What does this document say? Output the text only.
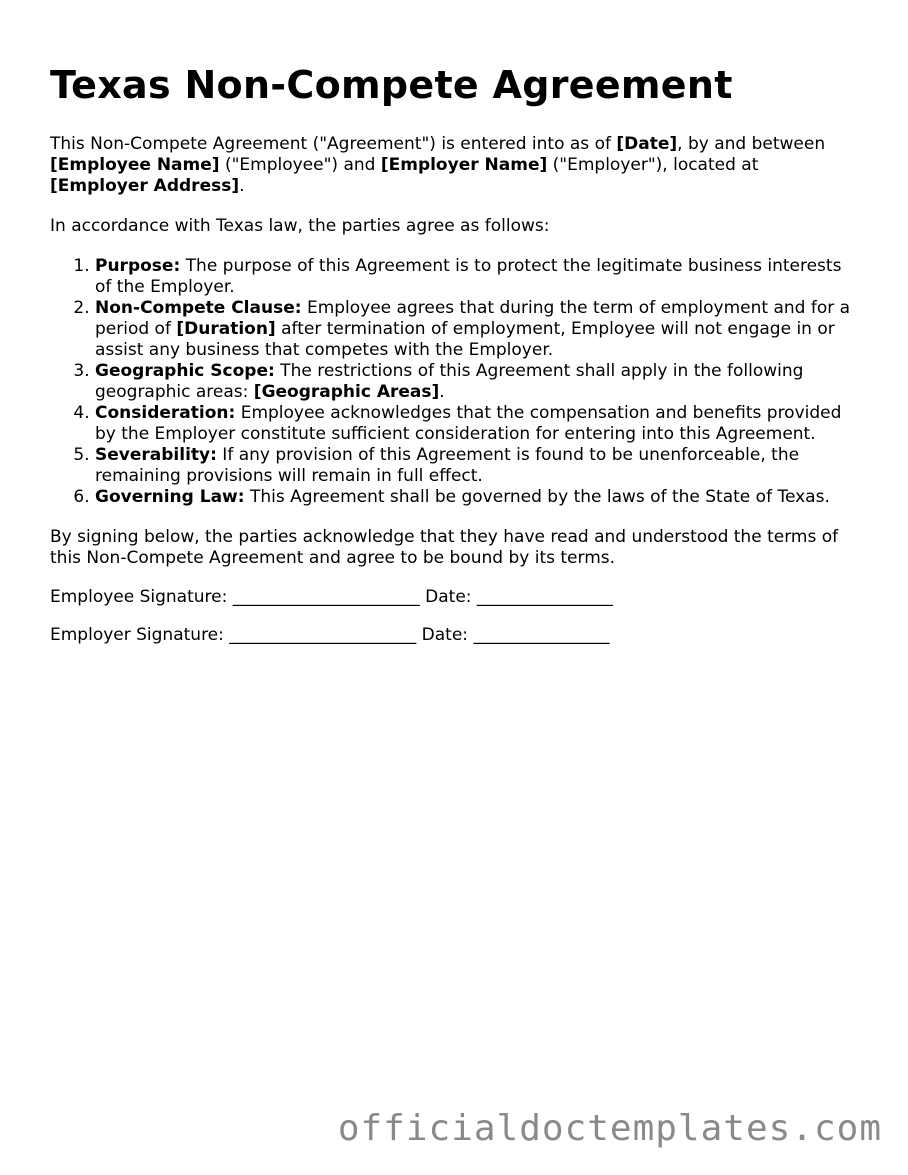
Texas Non-Compete Agreement

This Non-Compete Agreement ("Agreement") is entered into as of [Date], by and between [Employee Name] ("Employee") and [Employer Name] ("Employer"), located at [Employer Address].

In accordance with Texas law, the parties agree as follows:

1. Purpose: The purpose of this Agreement is to protect the legitimate business interests of the Employer.
2. Non-Compete Clause: Employee agrees that during the term of employment and for a period of [Duration] after termination of employment, Employee will not engage in or assist any business that competes with the Employer.
3. Geographic Scope: The restrictions of this Agreement shall apply in the following geographic areas: [Geographic Areas].
4. Consideration: Employee acknowledges that the compensation and benefits provided by the Employer constitute sufficient consideration for entering into this Agreement.
5. Severability: If any provision of this Agreement is found to be unenforceable, the remaining provisions will remain in full effect.
6. Governing Law: This Agreement shall be governed by the laws of the State of Texas.

By signing below, the parties acknowledge that they have read and understood the terms of this Non-Compete Agreement and agree to be bound by its terms.

Employee Signature: ______________________ Date: ________________

Employer Signature: ______________________ Date: ________________

officialdoctemplates.com
